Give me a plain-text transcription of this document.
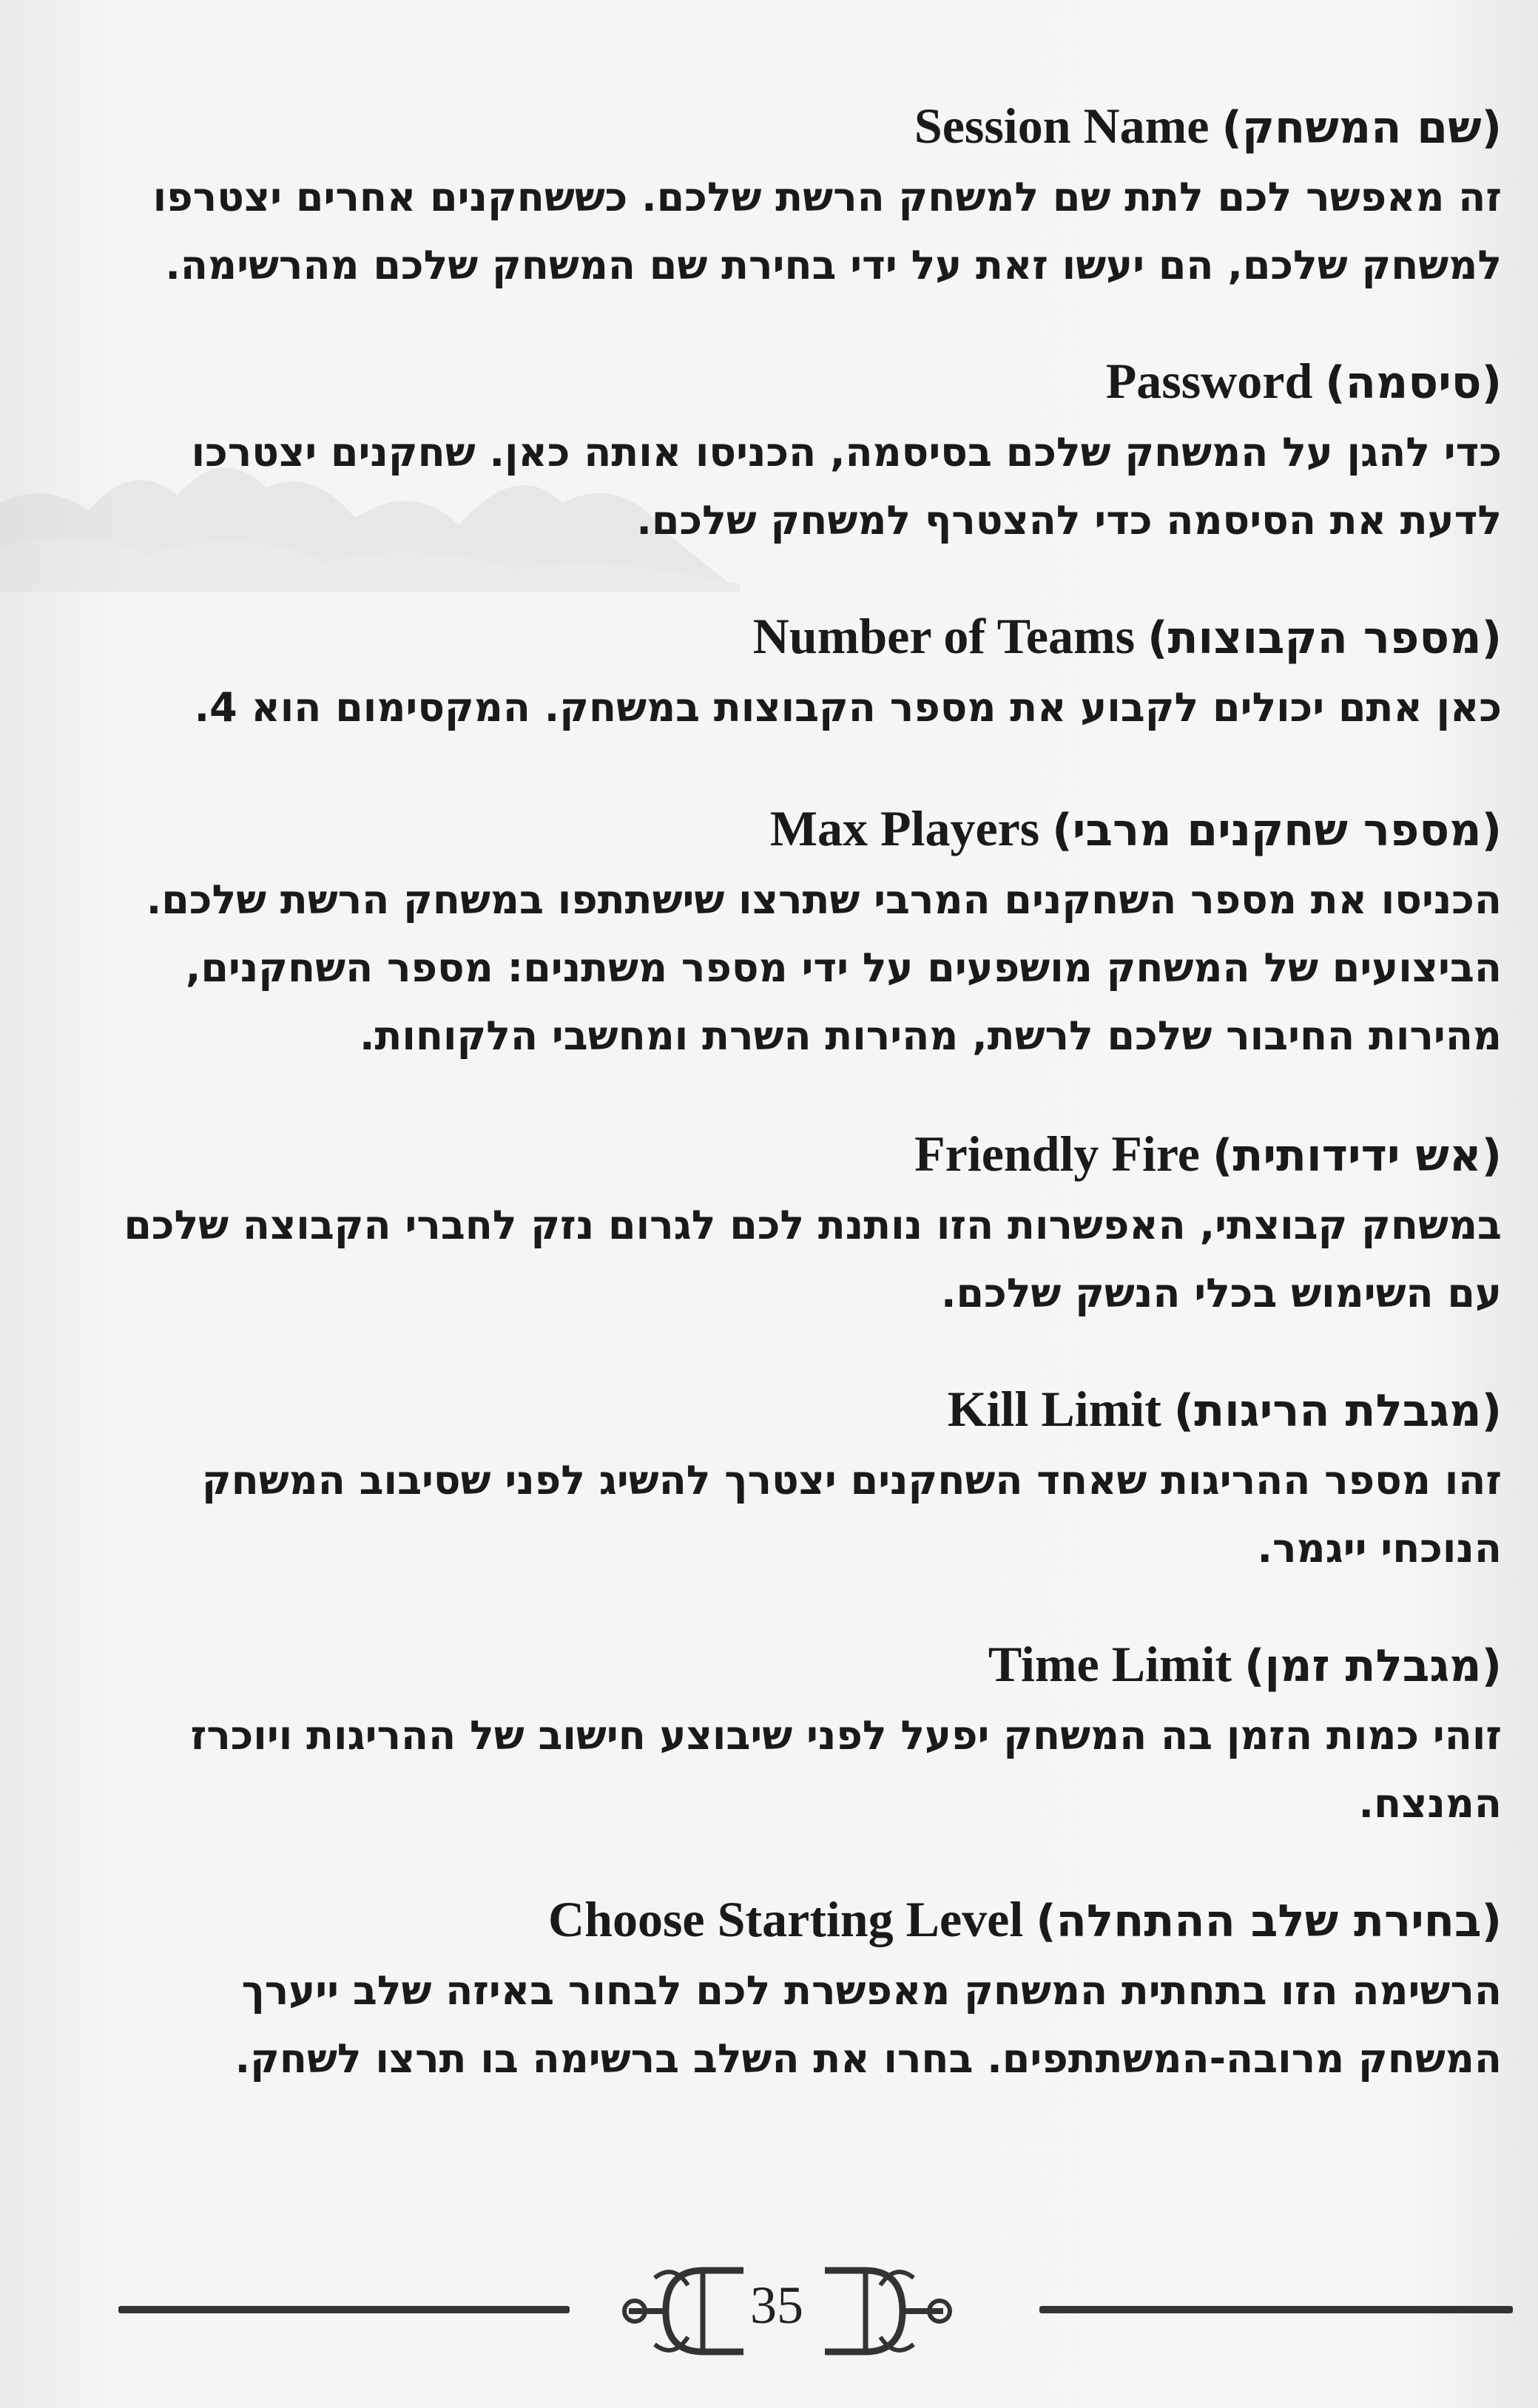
Session Name (שם המשחק)
זה מאפשר לכם לתת שם למשחק הרשת שלכם. כששחקנים אחרים יצטרפו למשחק שלכם, הם יעשו זאת על ידי בחירת שם המשחק שלכם מהרשימה.
Password (סיסמה)
כדי להגן על המשחק שלכם בסיסמה, הכניסו אותה כאן. שחקנים יצטרכו לדעת את הסיסמה כדי להצטרף למשחק שלכם.
Number of Teams (מספר הקבוצות)
כאן אתם יכולים לקבוע את מספר הקבוצות במשחק. המקסימום הוא 4.
Max Players (מספר שחקנים מרבי)
הכניסו את מספר השחקנים המרבי שתרצו שישתתפו במשחק הרשת שלכם. הביצועים של המשחק מושפעים על ידי מספר משתנים: מספר השחקנים, מהירות החיבור שלכם לרשת, מהירות השרת ומחשבי הלקוחות.
Friendly Fire (אש ידידותית)
במשחק קבוצתי, האפשרות הזו נותנת לכם לגרום נזק לחברי הקבוצה שלכם עם השימוש בכלי הנשק שלכם.
Kill Limit (מגבלת הריגות)
זהו מספר ההריגות שאחד השחקנים יצטרך להשיג לפני שסיבוב המשחק הנוכחי ייגמר.
Time Limit (מגבלת זמן)
זוהי כמות הזמן בה המשחק יפעל לפני שיבוצע חישוב של ההריגות ויוכרז המנצח.
Choose Starting Level (בחירת שלב ההתחלה)
הרשימה הזו בתחתית המשחק מאפשרת לכם לבחור באיזה שלב ייערך המשחק מרובה-המשתתפים. בחרו את השלב ברשימה בו תרצו לשחק.
35
